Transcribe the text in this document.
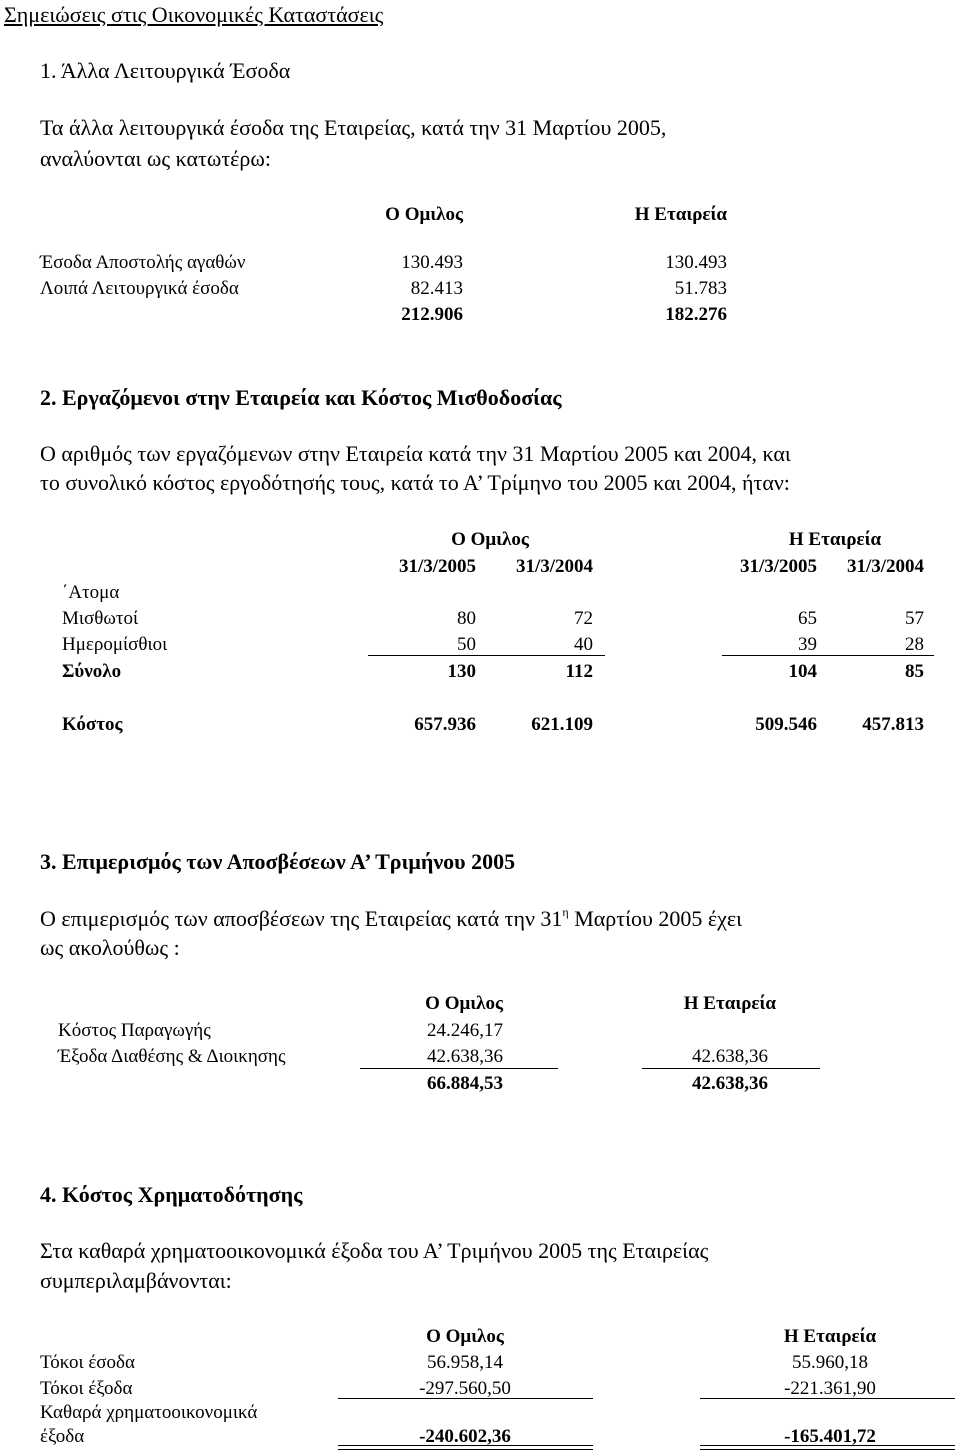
Σημειώσεις στις Οικονομικές Καταστάσεις
1. Άλλα Λειτουργικά Έσοδα
Τα άλλα λειτουργικά έσοδα της Εταιρείας, κατά την 31 Μαρτίου 2005,
αναλύονται ως κατωτέρω:
Ο Ομιλος	Η Εταιρεία
Έσοδα Αποστολής αγαθών	130.493	130.493
Λοιπά Λειτουργικά έσοδα	82.413	51.783
212.906	182.276
2. Εργαζόμενοι στην Εταιρεία και Κόστος Μισθοδοσίας
Ο αριθμός των εργαζόμενων στην Εταιρεία κατά την 31 Μαρτίου 2005 και 2004, και
το συνολικό κόστος εργοδότησής τους, κατά το Α’ Τρίμηνο του 2005 και 2004, ήταν:
Ο Ομιλος	Η Εταιρεία
31/3/2005	31/3/2004	31/3/2005	31/3/2004
΄Ατομα
Μισθωτοί	80	72	65	57
Ημερομίσθιοι	50	40	39	28
Σύνολο	130	112	104	85
Κόστος	657.936	621.109	509.546	457.813
3. Επιμερισμός των Αποσβέσεων Α’ Τριμήνου 2005
Ο επιμερισμός των αποσβέσεων της Εταιρείας κατά την $31^\eta$ Μαρτίου 2005 έχει
ως ακολούθως :
Ο Ομιλος	Η Εταιρεία
Κόστος Παραγωγής	24.246,17
Έξοδα Διαθέσης & Διοικησης	42.638,36	42.638,36
66.884,53	42.638,36
4. Κόστος Χρηματοδότησης
Στα καθαρά χρηματοοικονομικά έξοδα του Α’ Τριμήνου 2005 της Εταιρείας
συμπεριλαμβάνονται:
Ο Ομιλος	Η Εταιρεία
Τόκοι έσοδα	56.958,14	55.960,18
Τόκοι έξοδα	-297.560,50	-221.361,90
Καθαρά χρηματοοικονομικά
έξοδα	-240.602,36	-165.401,72
